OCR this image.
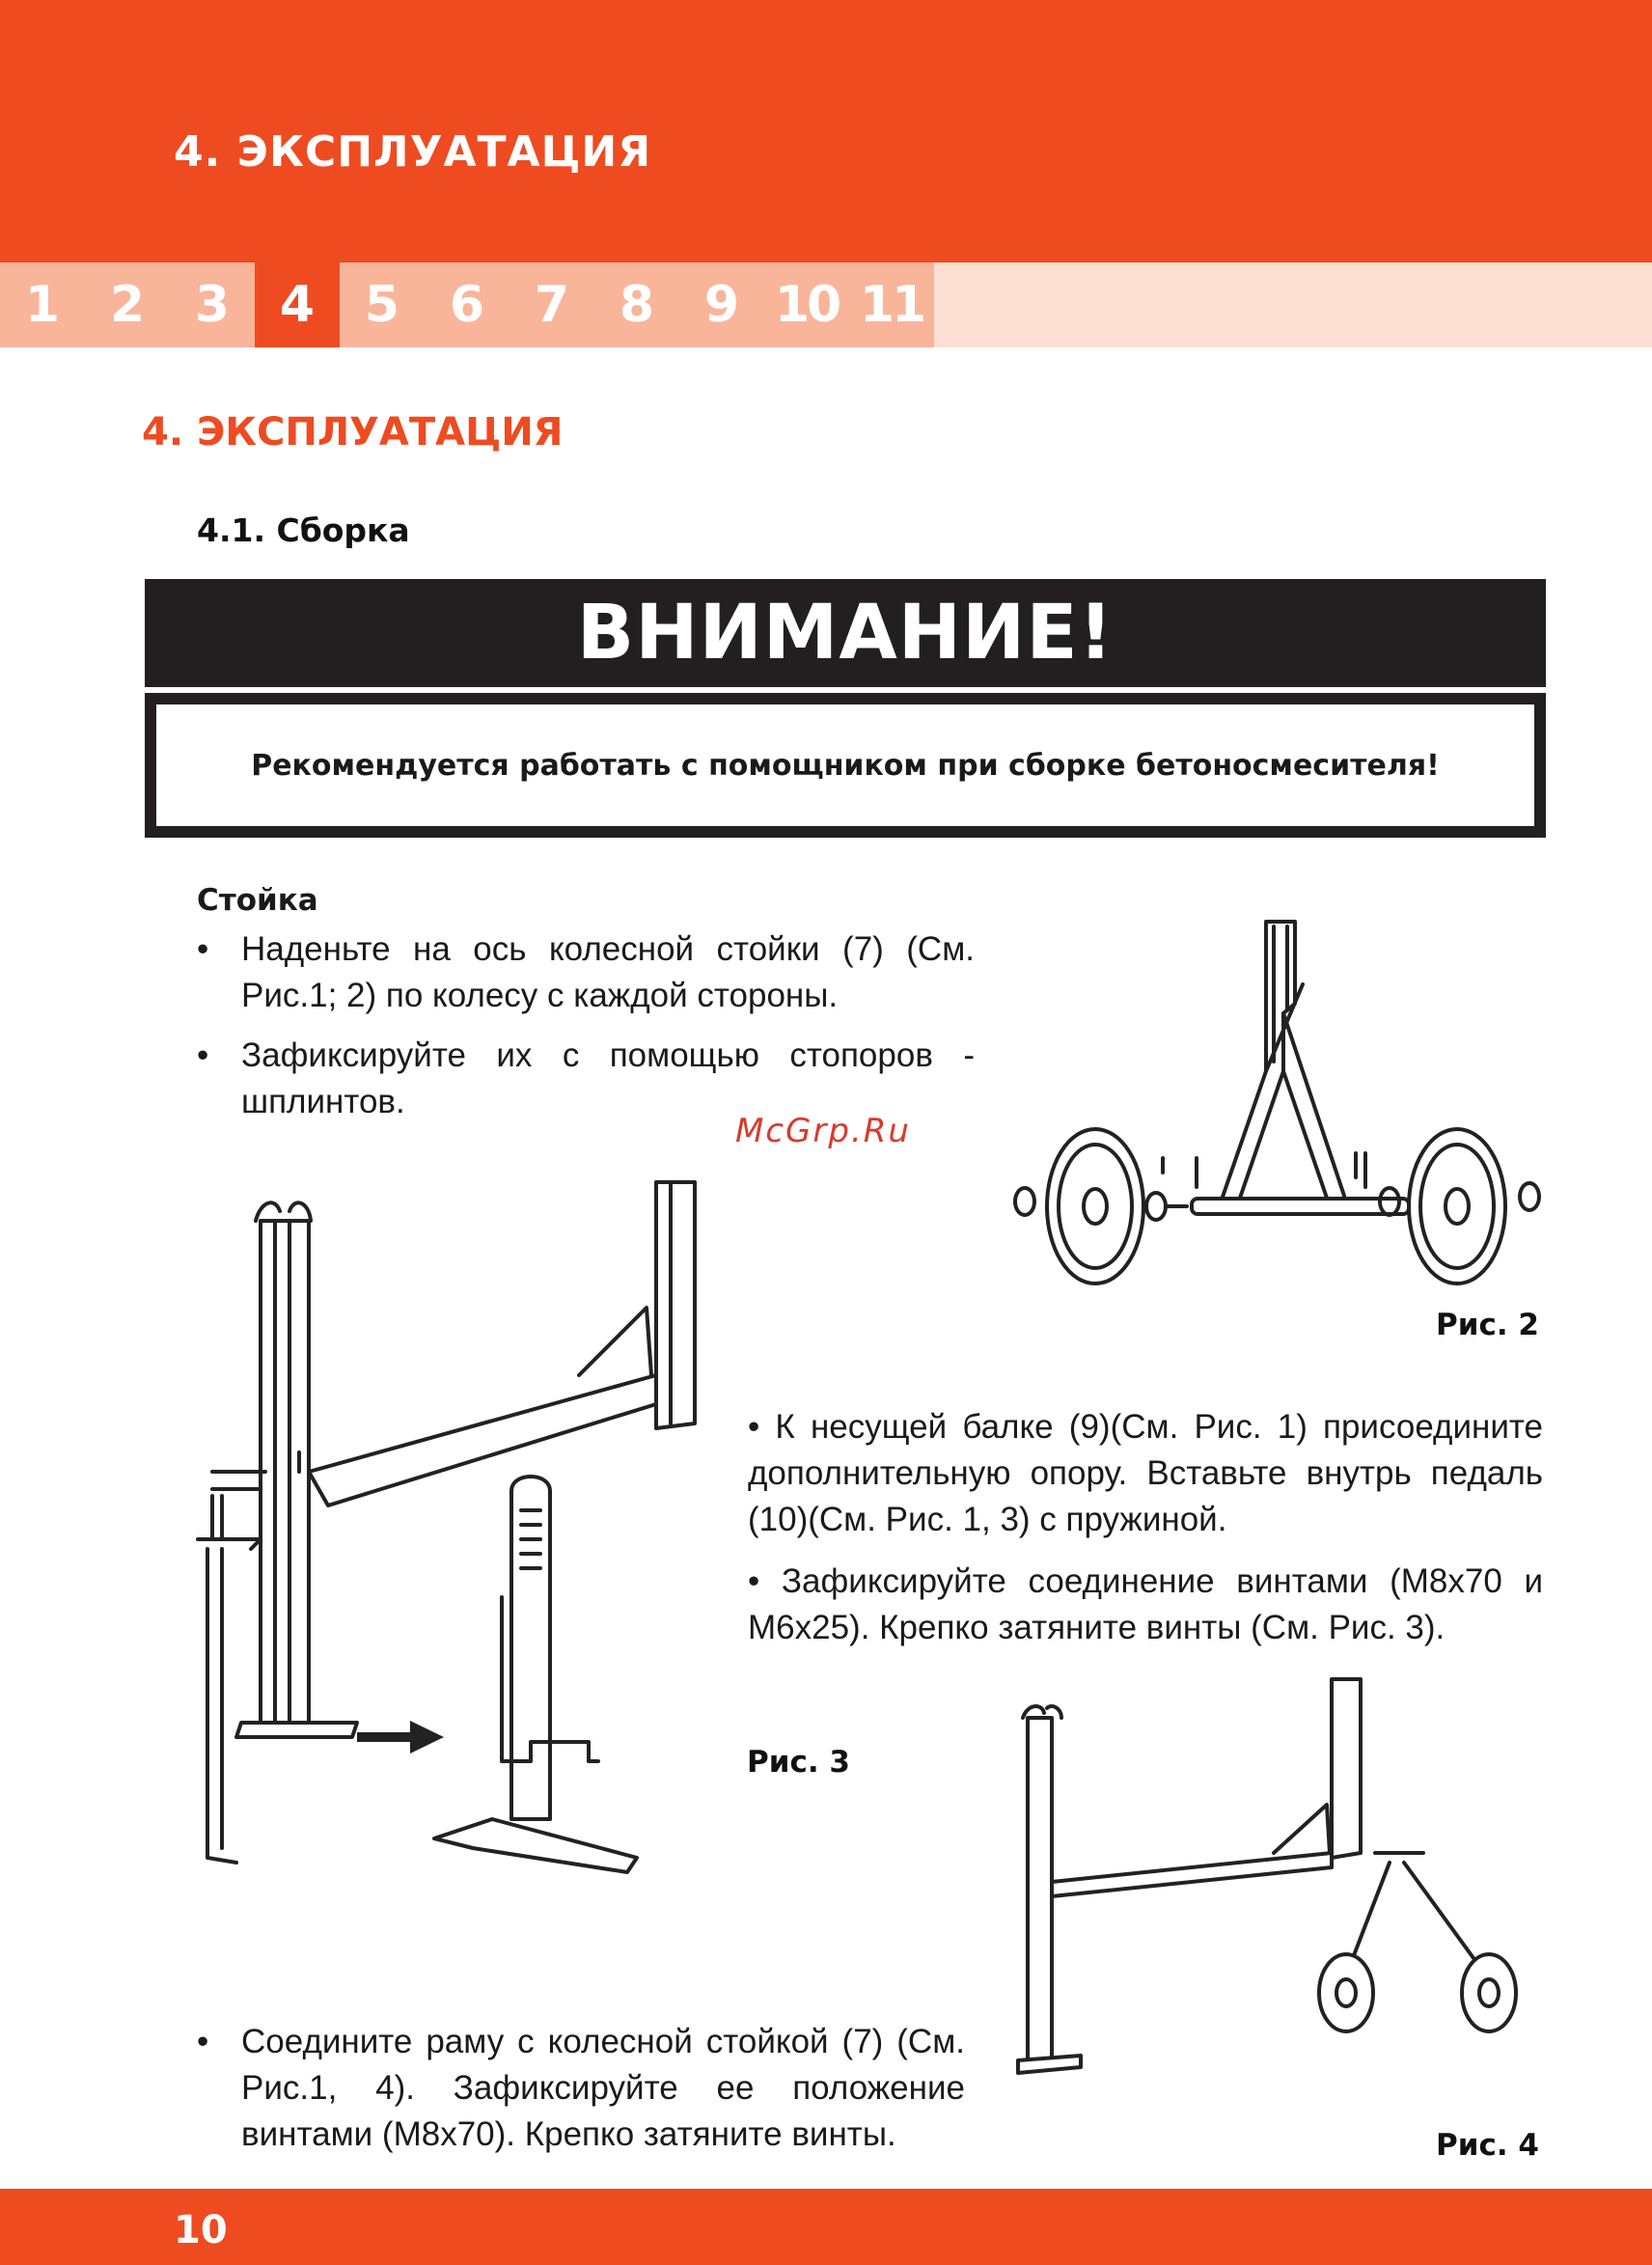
4. ЭКСПЛУАТАЦИЯ
1 2 3 4 5 6 7 8 9 10 11
4. ЭКСПЛУАТАЦИЯ
4.1. Сборка
ВНИМАНИЕ!
Рекомендуется работать с помощником при сборке бетоносмесителя!
Стойка
• Наденьте на ось колесной стойки (7) (См. Рис.1; 2) по колесу с каждой стороны.
• Зафиксируйте их с помощью стопоров - шплинтов.
McGrp.Ru
Рис. 2
Рис. 3
• К несущей балке (9)(См. Рис. 1) присоедините дополнительную опору. Вставьте внутрь педаль (10)(См. Рис. 1, 3) с пружиной.
• Зафиксируйте соединение винтами (М8х70 и М6х25). Крепко затяните винты (См. Рис. 3).
Рис. 4
• Соедините раму с колесной стойкой (7) (См. Рис.1, 4). Зафиксируйте ее положение винтами (М8х70). Крепко затяните винты.
10
